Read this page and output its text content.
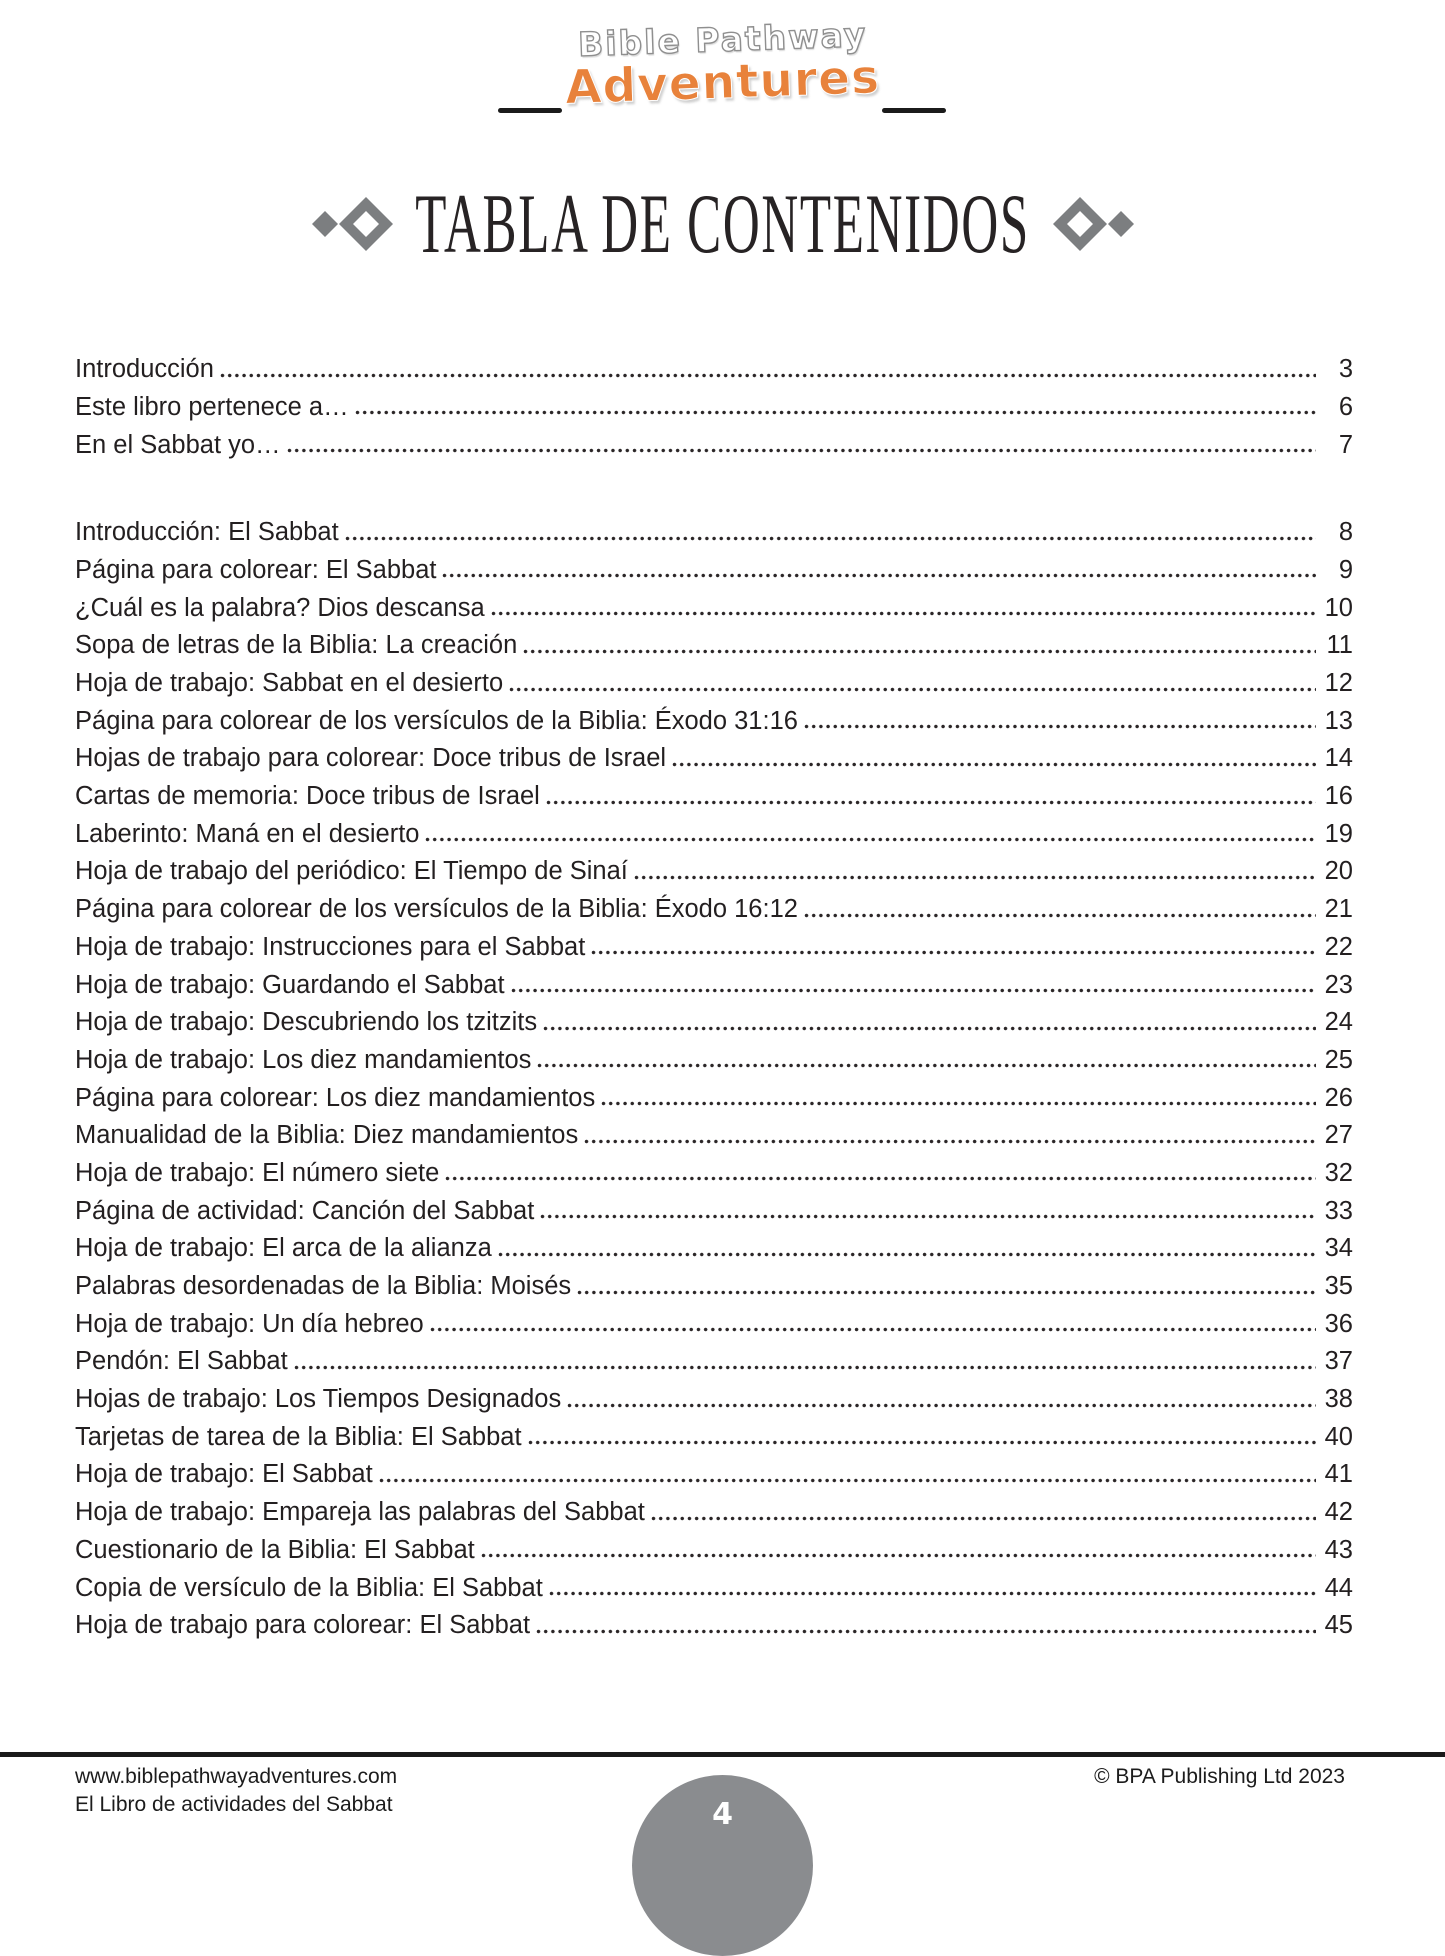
Bible Pathway
Adventures
TABLA DE CONTENIDOS
Introducción	3
Este libro pertenece a…	6
En el Sabbat yo…	7
Introducción: El Sabbat	8
Página para colorear: El Sabbat	9
¿Cuál es la palabra? Dios descansa	10
Sopa de letras de la Biblia: La creación	11
Hoja de trabajo: Sabbat en el desierto	12
Página para colorear de los versículos de la Biblia: Éxodo 31:16	13
Hojas de trabajo para colorear: Doce tribus de Israel	14
Cartas de memoria: Doce tribus de Israel	16
Laberinto: Maná en el desierto	19
Hoja de trabajo del periódico: El Tiempo de Sinaí	20
Página para colorear de los versículos de la Biblia: Éxodo 16:12	21
Hoja de trabajo: Instrucciones para el Sabbat	22
Hoja de trabajo: Guardando el Sabbat	23
Hoja de trabajo: Descubriendo los tzitzits	24
Hoja de trabajo: Los diez mandamientos	25
Página para colorear: Los diez mandamientos	26
Manualidad de la Biblia: Diez mandamientos	27
Hoja de trabajo: El número siete	32
Página de actividad: Canción del Sabbat	33
Hoja de trabajo: El arca de la alianza	34
Palabras desordenadas de la Biblia: Moisés	35
Hoja de trabajo: Un día hebreo	36
Pendón: El Sabbat	37
Hojas de trabajo: Los Tiempos Designados	38
Tarjetas de tarea de la Biblia: El Sabbat	40
Hoja de trabajo: El Sabbat	41
Hoja de trabajo: Empareja las palabras del Sabbat	42
Cuestionario de la Biblia: El Sabbat	43
Copia de versículo de la Biblia: El Sabbat	44
Hoja de trabajo para colorear: El Sabbat	45
www.biblepathwayadventures.com
El Libro de actividades del Sabbat
© BPA Publishing Ltd 2023
4
